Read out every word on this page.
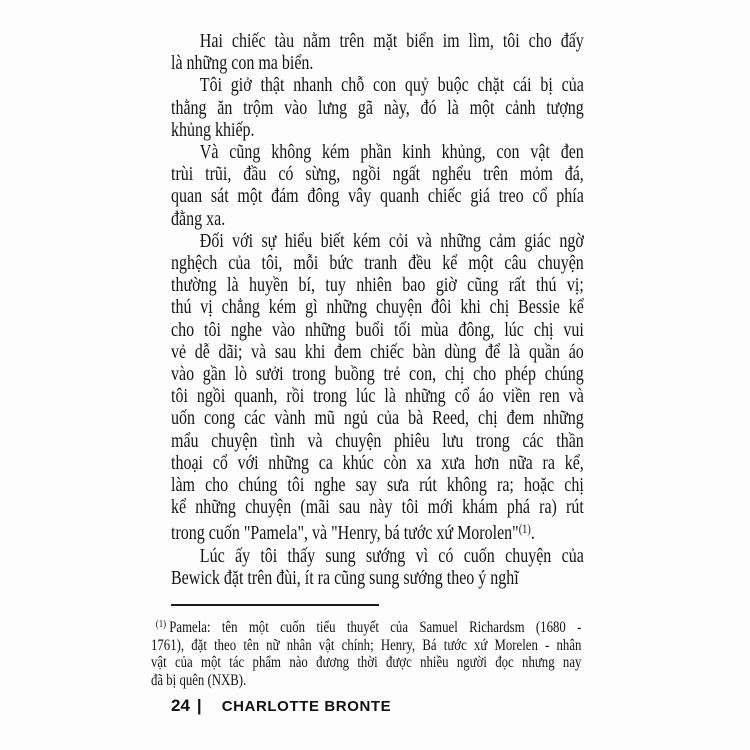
Hai chiếc tàu nằm trên mặt biển im lìm, tôi cho đấy
là những con ma biển.
Tôi giở thật nhanh chỗ con quỷ buộc chặt cái bị của
thằng ăn trộm vào lưng gã này, đó là một cảnh tượng
khủng khiếp.
Và cũng không kém phần kinh khủng, con vật đen
trùi trũi, đầu có sừng, ngồi ngất nghểu trên mỏm đá,
quan sát một đám đông vây quanh chiếc giá treo cổ phía
đằng xa.
Đối với sự hiểu biết kém cỏi và những cảm giác ngờ
nghệch của tôi, mỗi bức tranh đều kể một câu chuyện
thường là huyền bí, tuy nhiên bao giờ cũng rất thú vị;
thú vị chẳng kém gì những chuyện đôi khi chị Bessie kể
cho tôi nghe vào những buổi tối mùa đông, lúc chị vui
vẻ dễ dãi; và sau khi đem chiếc bàn dùng để là quần áo
vào gần lò sưởi trong buồng trẻ con, chị cho phép chúng
tôi ngồi quanh, rồi trong lúc là những cổ áo viền ren và
uốn cong các vành mũ ngủ của bà Reed, chị đem những
mẩu chuyện tình và chuyện phiêu lưu trong các thần
thoại cổ với những ca khúc còn xa xưa hơn nữa ra kể,
làm cho chúng tôi nghe say sưa rút không ra; hoặc chị
kể những chuyện (mãi sau này tôi mới khám phá ra) rút
trong cuốn "Pamela", và "Henry, bá tước xứ Morolen"$^{(1)}$.
Lúc ấy tôi thấy sung sướng vì có cuốn chuyện của
Bewick đặt trên đùi, ít ra cũng sung sướng theo ý nghĩ
$^{(1)}$ Pamela: tên một cuốn tiểu thuyết của Samuel Richardsm (1680 -
1761), đặt theo tên nữ nhân vật chính; Henry, Bá tước xứ Morelen - nhân
vật của một tác phẩm nào đương thời được nhiều người đọc nhưng nay
đã bị quên (NXB).
24 | CHARLOTTE BRONTE
